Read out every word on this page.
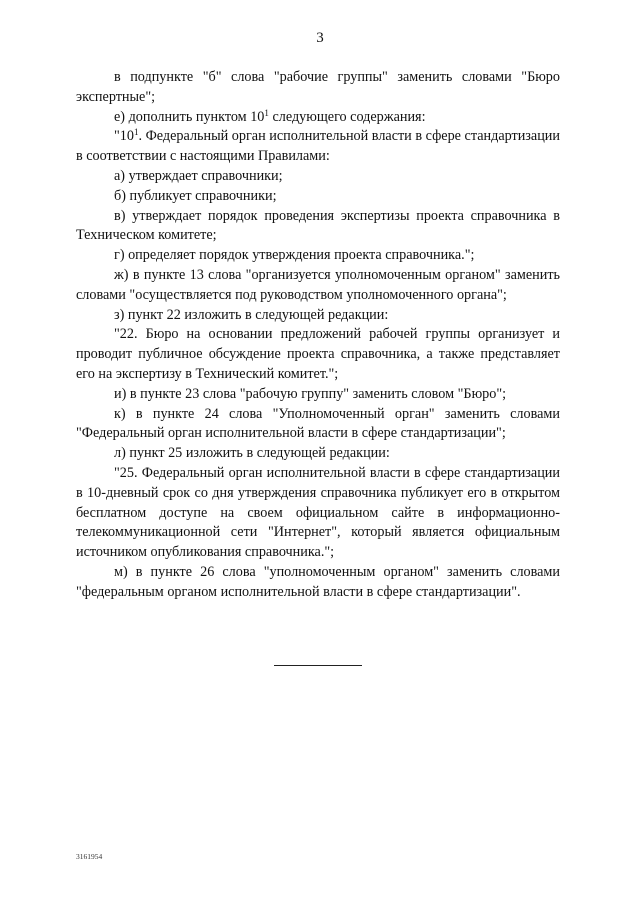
3

в подпункте "б" слова "рабочие группы" заменить словами "Бюро экспертные";

е) дополнить пунктом $10^1$ следующего содержания:

"$10^1$. Федеральный орган исполнительной власти в сфере стандартизации в соответствии с настоящими Правилами:

а) утверждает справочники;

б) публикует справочники;

в) утверждает порядок проведения экспертизы проекта справочника в Техническом комитете;

г) определяет порядок утверждения проекта справочника.";

ж) в пункте 13 слова "организуется уполномоченным органом" заменить словами "осуществляется под руководством уполномоченного органа";

з) пункт 22 изложить в следующей редакции:

"22. Бюро на основании предложений рабочей группы организует и проводит публичное обсуждение проекта справочника, а также представляет его на экспертизу в Технический комитет.";

и) в пункте 23 слова "рабочую группу" заменить словом "Бюро";

к) в пункте 24 слова "Уполномоченный орган" заменить словами "Федеральный орган исполнительной власти в сфере стандартизации";

л) пункт 25 изложить в следующей редакции:

"25. Федеральный орган исполнительной власти в сфере стандартизации в 10-дневный срок со дня утверждения справочника публикует его в открытом бесплатном доступе на своем официальном сайте в информационно-телекоммуникационной сети "Интернет", который является официальным источником опубликования справочника.";

м) в пункте 26 слова "уполномоченным органом" заменить словами "федеральным органом исполнительной власти в сфере стандартизации".

3161954
